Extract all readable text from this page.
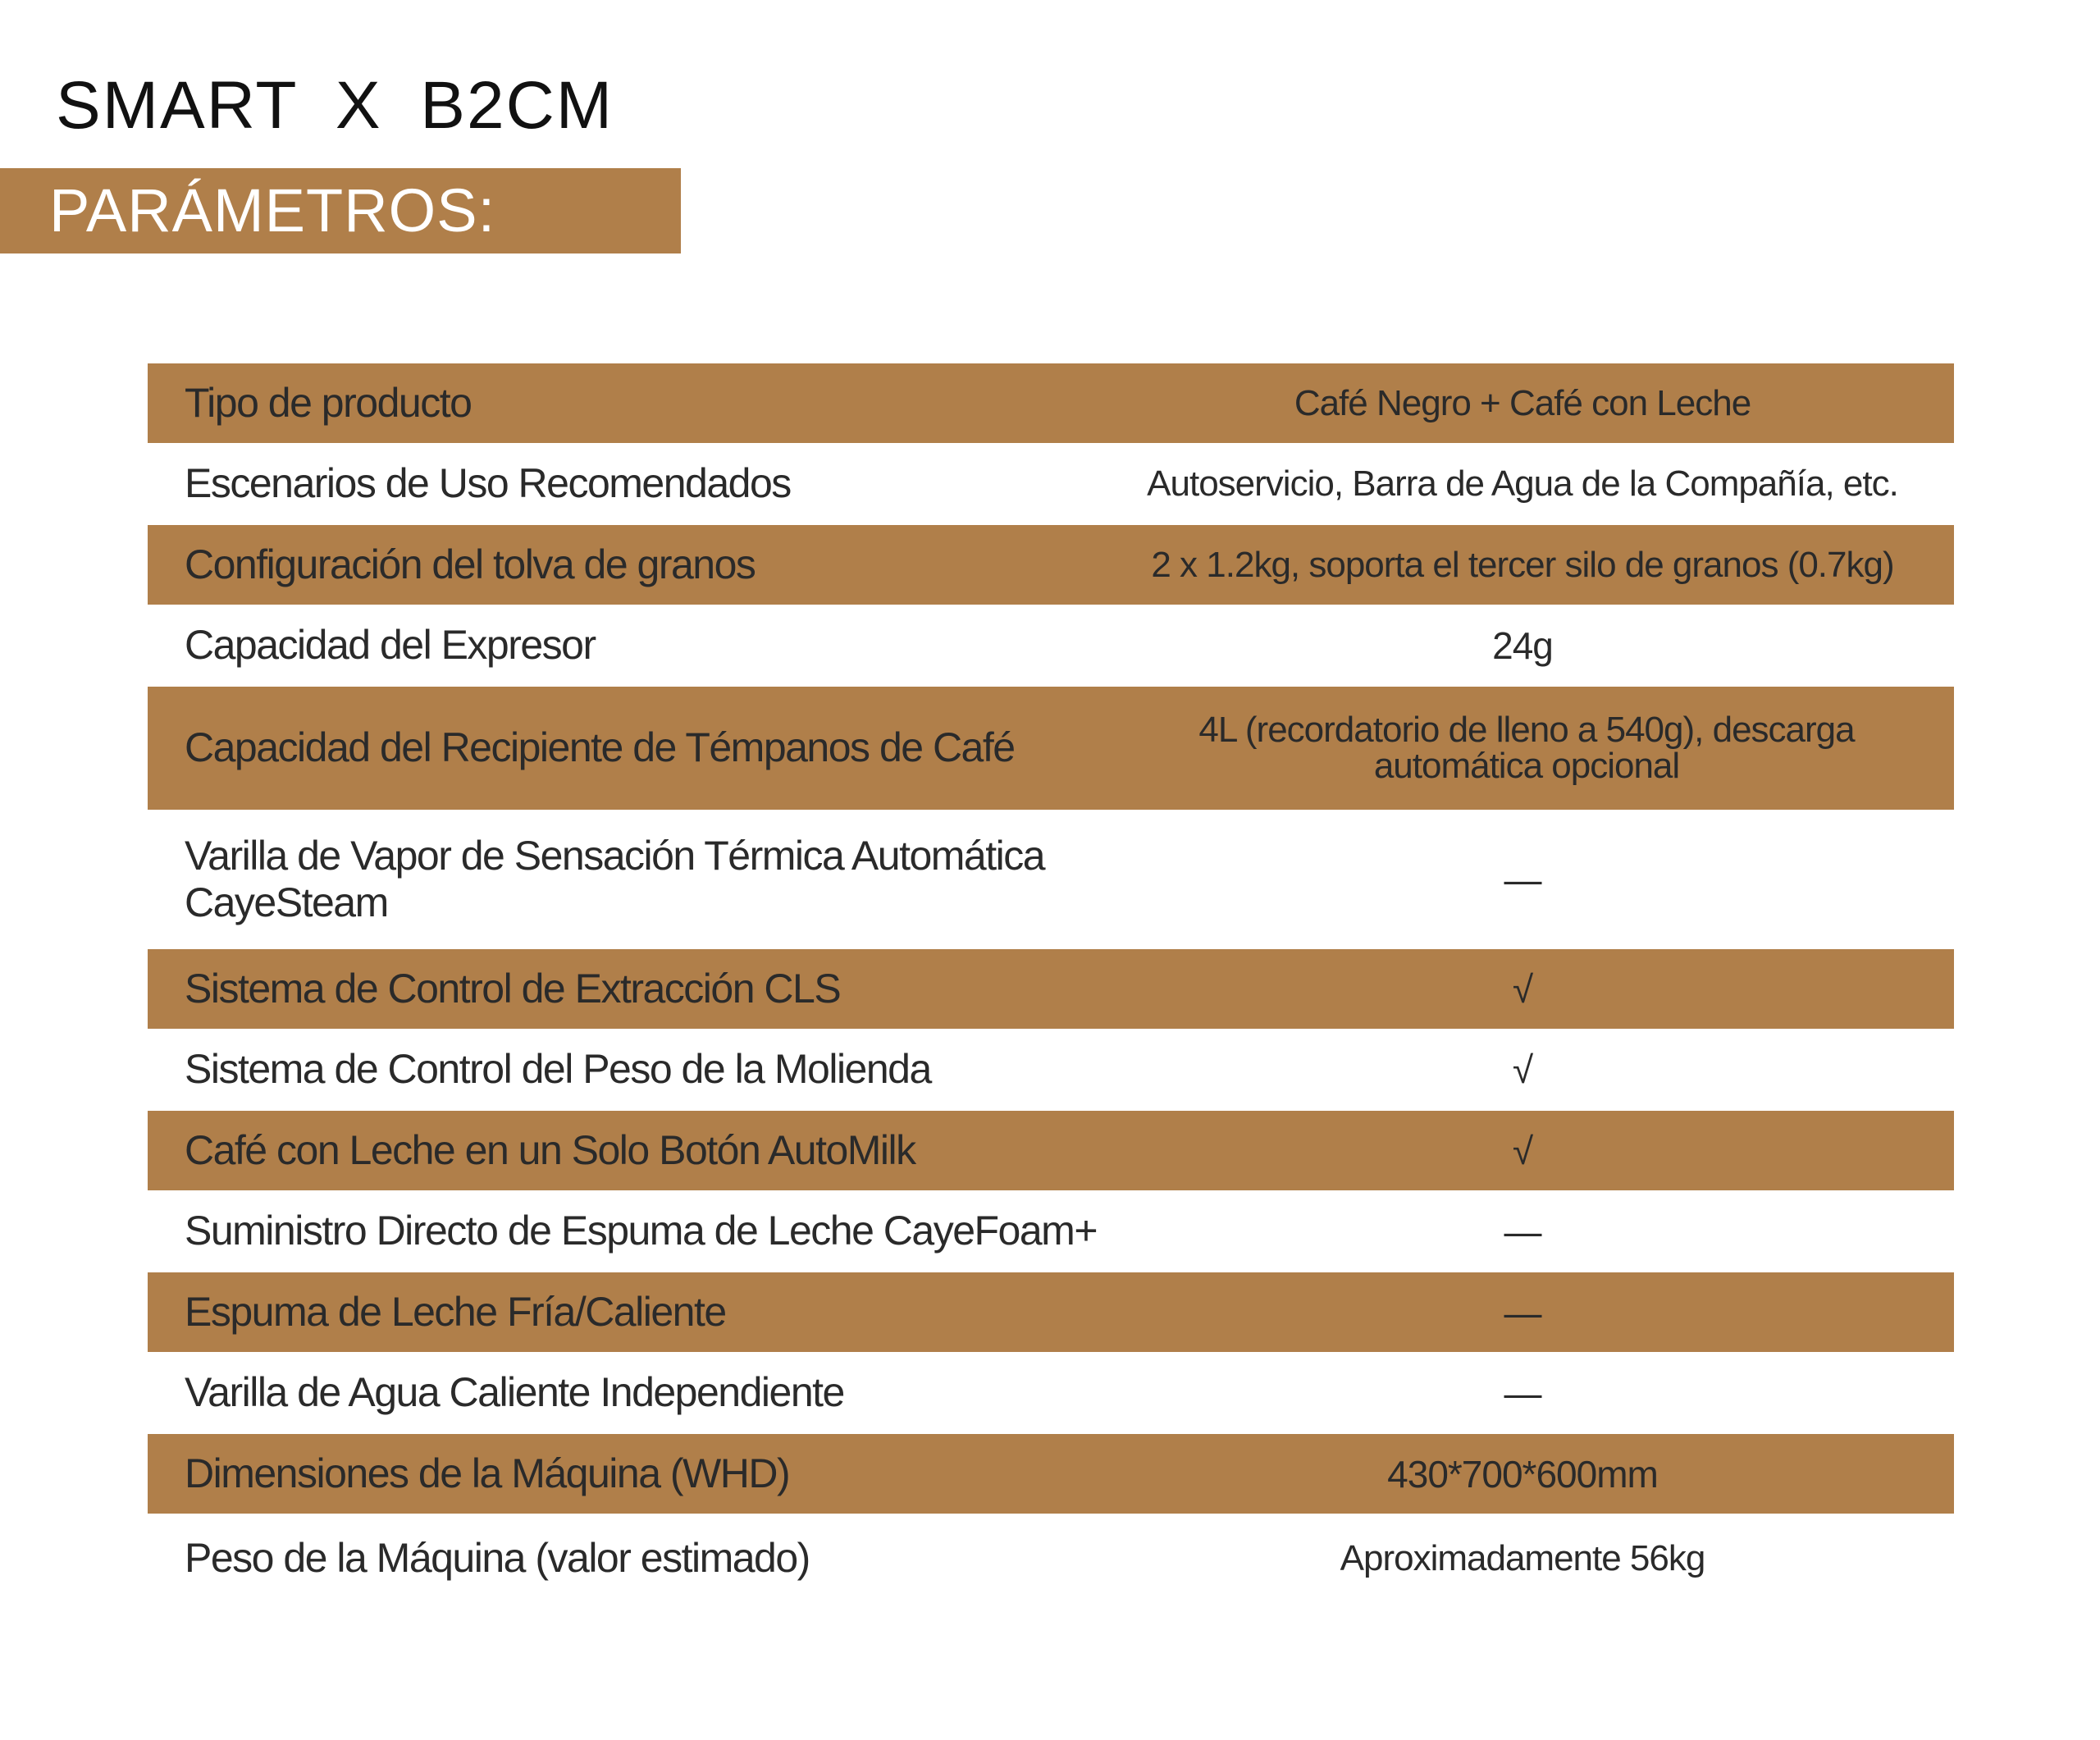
SMART X B2CM
PARÁMETROS:
Tipo de producto	Café Negro + Café con Leche
Escenarios de Uso Recomendados	Autoservicio, Barra de Agua de la Compañía, etc.
Configuración del tolva de granos	2 x 1.2kg, soporta el tercer silo de granos (0.7kg)
Capacidad del Expresor	24g
Capacidad del Recipiente de Témpanos de Café	4L (recordatorio de lleno a 540g), descarga automática opcional
Varilla de Vapor de Sensación Térmica Automática CayeSteam	—
Sistema de Control de Extracción CLS	√
Sistema de Control del Peso de la Molienda	√
Café con Leche en un Solo Botón AutoMilk	√
Suministro Directo de Espuma de Leche CayeFoam+	—
Espuma de Leche Fría/Caliente	—
Varilla de Agua Caliente Independiente	—
Dimensiones de la Máquina (WHD)	430*700*600mm
Peso de la Máquina (valor estimado)	Aproximadamente 56kg
